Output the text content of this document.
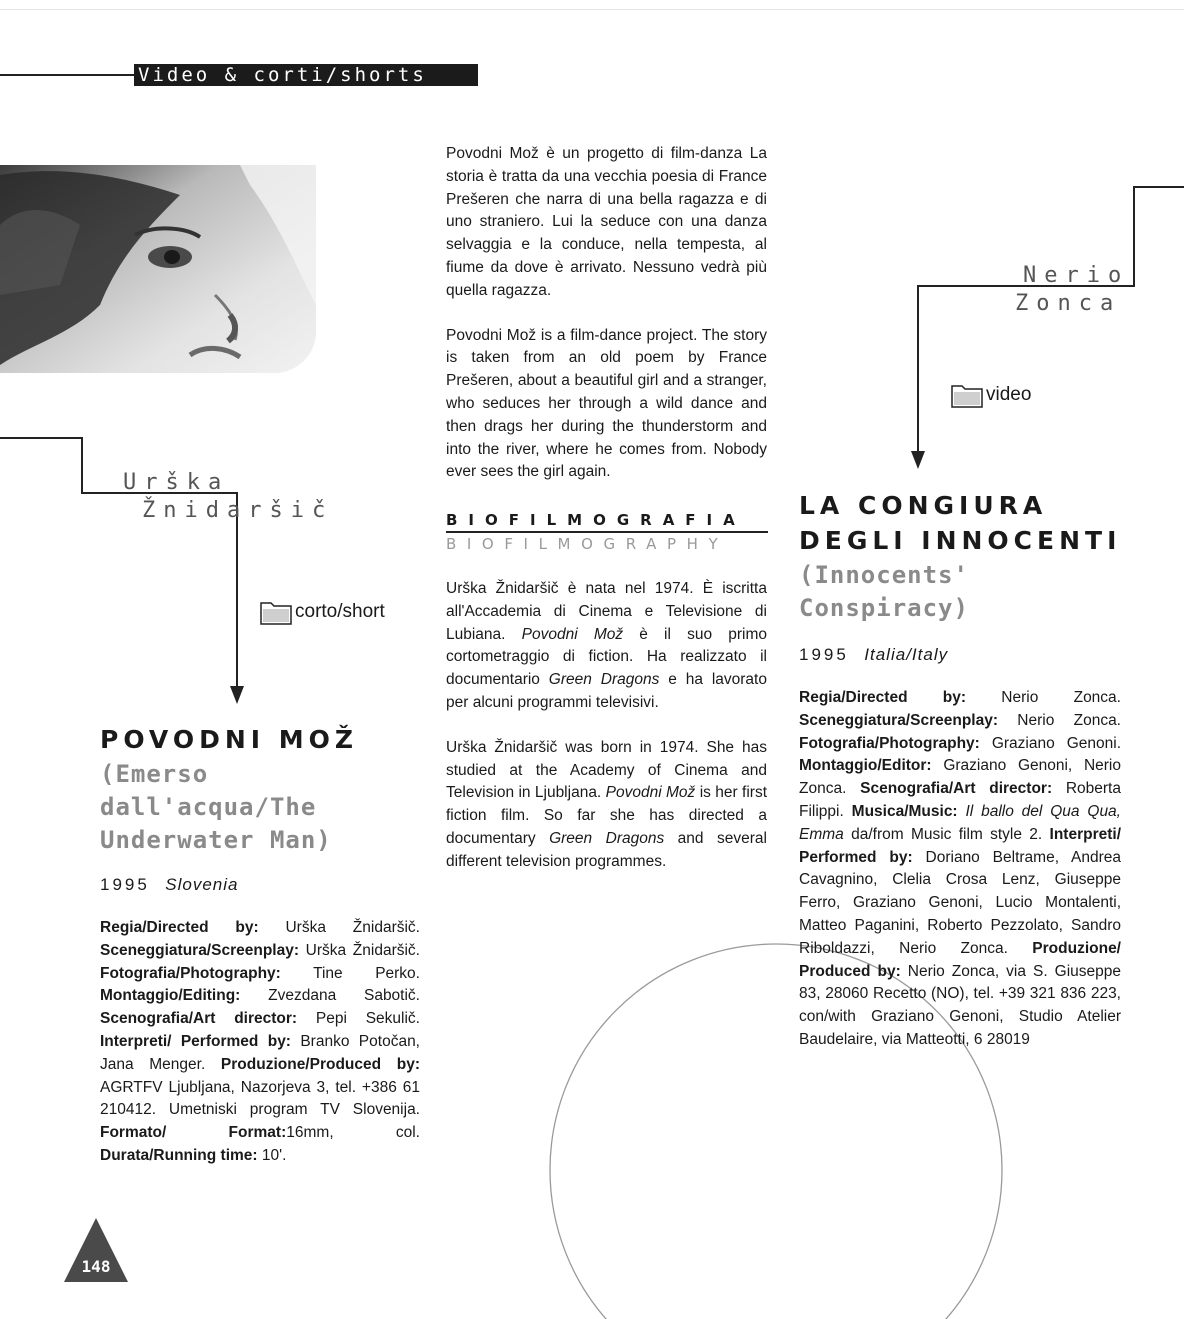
Video & corti/shorts
Urška
Žnidaršič
corto/short
POVODNI MOŽ
(Emerso
dall'acqua/The
Underwater Man)
1995 Slovenia

Regia/Directed by: Urška Žnidaršič. Sceneggiatura/Screenplay: Urška Žnidaršič. Fotografia/Photography: Tine Perko. Montaggio/Editing: Zvezdana Sabotič. Scenografia/Art director: Pepi Sekulič. Interpreti/ Performed by: Branko Potočan, Jana Menger. Produzione/Produced by: AGRTFV Ljubljana, Nazorjeva 3, tel. +386 61 210412. Umetniski program TV Slovenija. Formato/ Format:16mm, col. Durata/Running time: 10'.

Povodni Mož è un progetto di film-danza La storia è tratta da una vecchia poesia di France Prešeren che narra di una bella ragazza e di uno straniero. Lui la seduce con una danza selvaggia e la conduce, nella tempesta, al fiume da dove è arrivato. Nessuno vedrà più quella ragazza.

Povodni Mož is a film-dance project. The story is taken from an old poem by France Prešeren, about a beautiful girl and a stranger, who seduces her through a wild dance and then drags her during the thunderstorm and into the river, where he comes from. Nobody ever sees the girl again.

BIOFILMOGRAFIA
BIOFILMOGRAPHY

Urška Žnidaršič è nata nel 1974. È iscritta all'Accademia di Cinema e Televisione di Lubiana. Povodni Mož è il suo primo cortometraggio di fiction. Ha realizzato il documentario Green Dragons e ha lavorato per alcuni programmi televisivi.

Urška Žnidaršič was born in 1974. She has studied at the Academy of Cinema and Television in Ljubljana. Povodni Mož is her first fiction film. So far she has directed a documentary Green Dragons and several different television programmes.

Nerio
Zonca
video
LA CONGIURA
DEGLI INNOCENTI
(Innocents'
Conspiracy)
1995 Italia/Italy

Regia/Directed by: Nerio Zonca. Sceneggiatura/Screenplay: Nerio Zonca. Fotografia/Photography: Graziano Genoni. Montaggio/Editor: Graziano Genoni, Nerio Zonca. Scenografia/Art director: Roberta Filippi. Musica/Music: Il ballo del Qua Qua, Emma da/from Music film style 2. Interpreti/ Performed by: Doriano Beltrame, Andrea Cavagnino, Clelia Crosa Lenz, Giuseppe Ferro, Graziano Genoni, Lucio Montalenti, Matteo Paganini, Roberto Pezzolato, Sandro Riboldazzi, Nerio Zonca. Produzione/ Produced by: Nerio Zonca, via S. Giuseppe 83, 28060 Recetto (NO), tel. +39 321 836 223, con/with Graziano Genoni, Studio Atelier Baudelaire, via Matteotti, 6 28019

148
